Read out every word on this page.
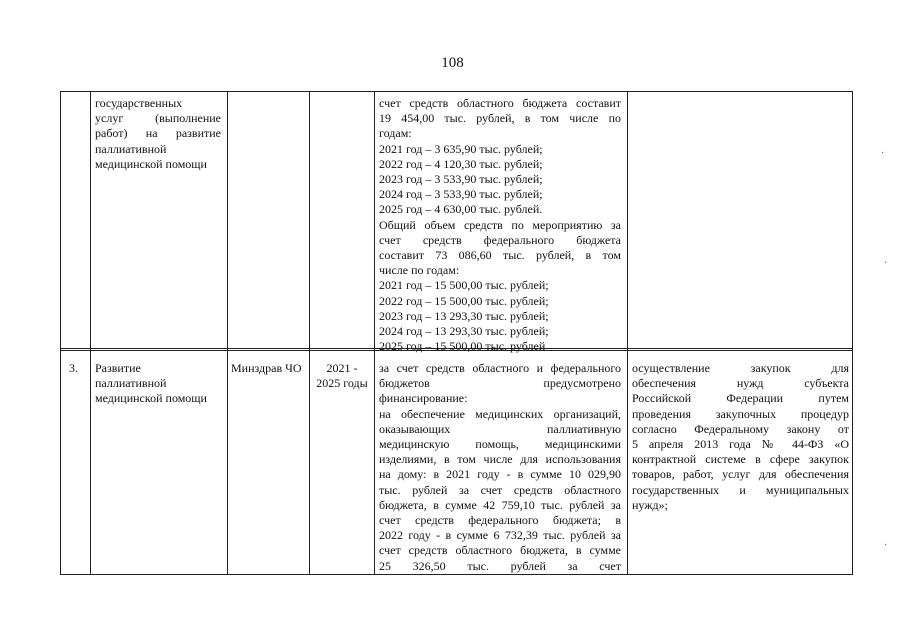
108
государственных
услуг (выполнение
работ) на развитие
паллиативной
медицинской помощи
счет средств областного бюджета составит
19 454,00 тыс. рублей, в том числе по
годам:
2021 год – 3 635,90 тыс. рублей;
2022 год – 4 120,30 тыс. рублей;
2023 год – 3 533,90 тыс. рублей;
2024 год – 3 533,90 тыс. рублей;
2025 год – 4 630,00 тыс. рублей.
Общий объем средств по мероприятию за
счет средств федерального бюджета
составит 73 086,60 тыс. рублей, в том
числе по годам:
2021 год – 15 500,00 тыс. рублей;
2022 год – 15 500,00 тыс. рублей;
2023 год – 13 293,30 тыс. рублей;
2024 год – 13 293,30 тыс. рублей;
2025 год – 15 500,00 тыс. рублей
3.	Развитие
паллиативной
медицинской помощи
Минздрав ЧО	2021 -
2025 годы
за счет средств областного и федерального
бюджетов предусмотрено
финансирование:
на обеспечение медицинских организаций,
оказывающих паллиативную
медицинскую помощь, медицинскими
изделиями, в том числе для использования
на дому: в 2021 году - в сумме 10 029,90
тыс. рублей за счет средств областного
бюджета, в сумме 42 759,10 тыс. рублей за
счет средств федерального бюджета; в
2022 году - в сумме 6 732,39 тыс. рублей за
счет средств областного бюджета, в сумме
25 326,50 тыс. рублей за счет
осуществление закупок для
обеспечения нужд субъекта
Российской Федерации путем
проведения закупочных процедур
согласно Федеральному закону от
5 апреля 2013 года № 44-ФЗ «О
контрактной системе в сфере закупок
товаров, работ, услуг для обеспечения
государственных и муниципальных
нужд»;
·
·
·
